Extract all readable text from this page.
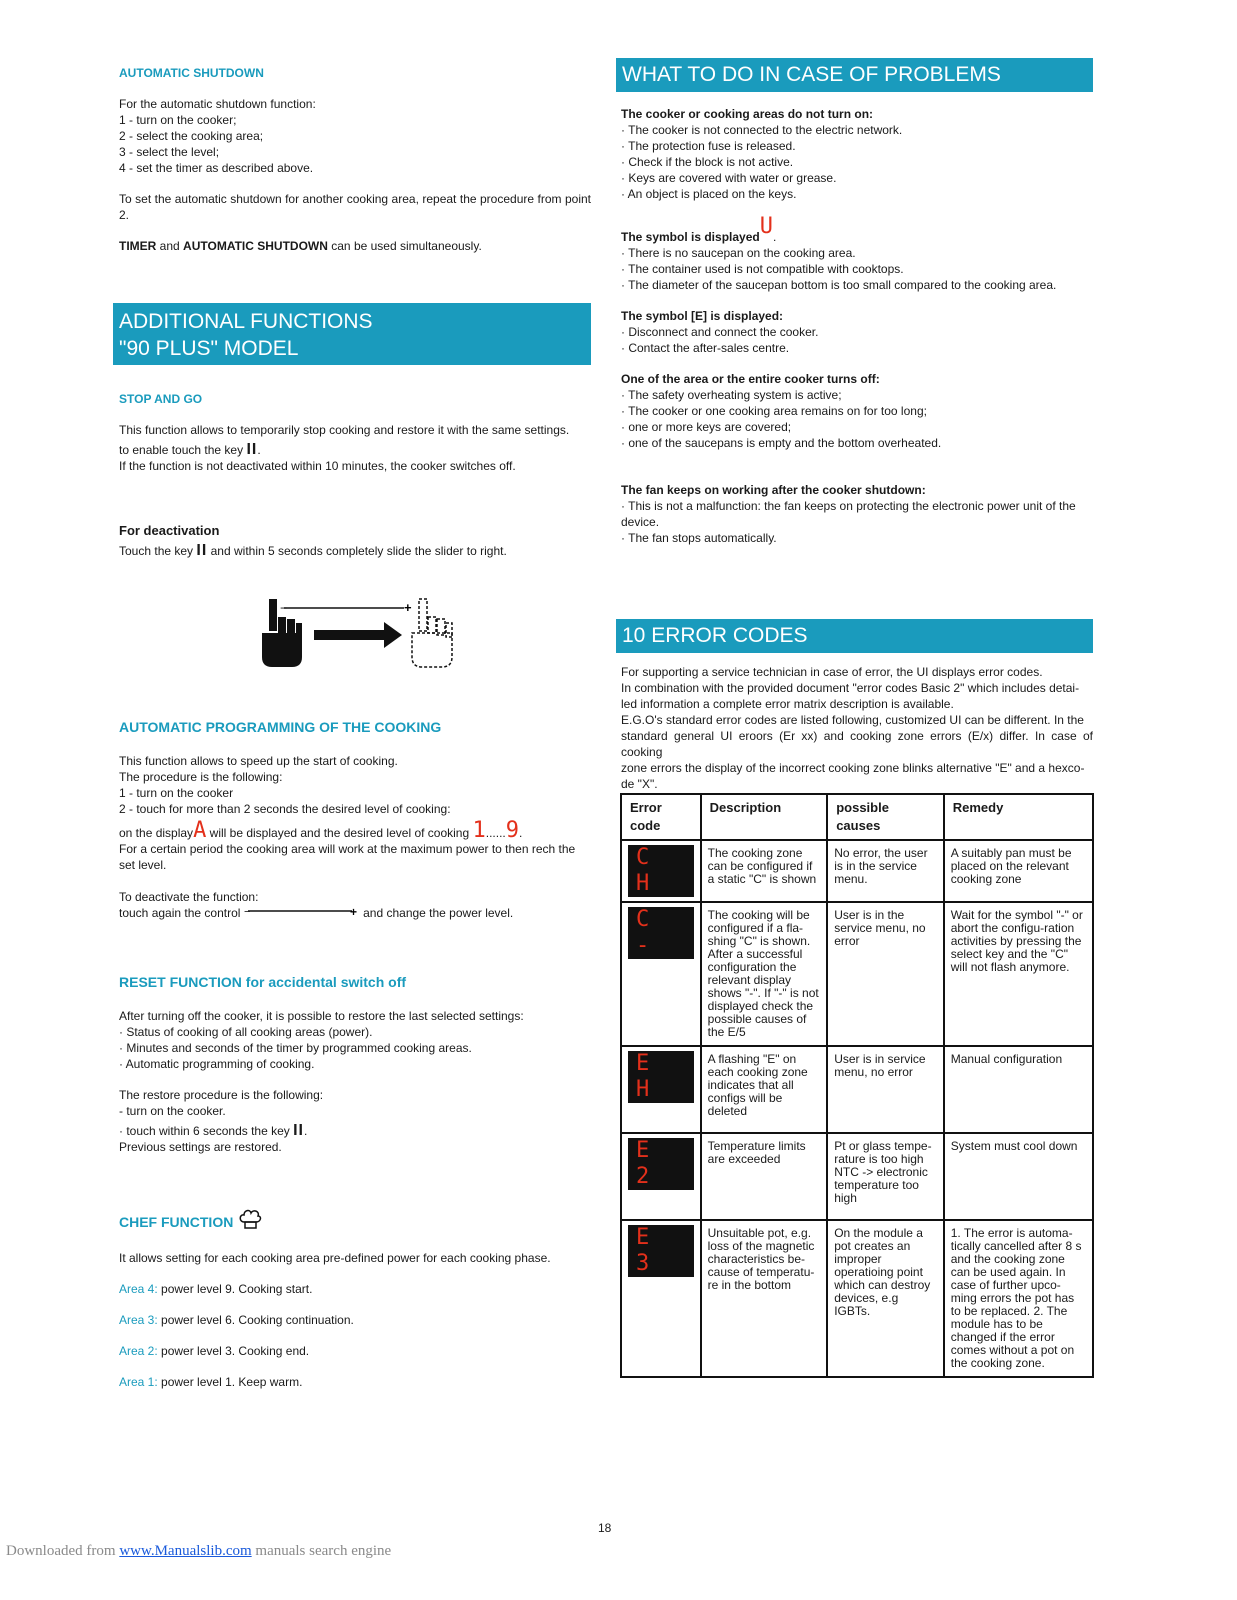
AUTOMATIC SHUTDOWN
For the automatic shutdown function:
1 - turn on the cooker;
2 - select the cooking area;
3 - select the level;
4 - set the timer as described above.
To set the automatic shutdown for another cooking area, repeat the procedure from point 2.
TIMER and AUTOMATIC SHUTDOWN can be used simultaneously.
ADDITIONAL FUNCTIONS
"90 PLUS" MODEL
STOP AND GO
This function allows to temporarily stop cooking and restore it with the same settings.
to enable touch the key II.
If the function is not deactivated within 10 minutes, the cooker switches off.
For deactivation
Touch the key II and within 5 seconds completely slide the slider to right.
−	+
AUTOMATIC PROGRAMMING OF THE COOKING
This function allows to speed up the start of cooking.
The procedure is the following:
1 - turn on the cooker
2 - touch for more than 2 seconds the desired level of cooking:
on the displayA will be displayed and the desired level of cooking 1......9.
For a certain period the cooking area will work at the maximum power to then rech the set level.
To deactivate the function:
touch again the control −	+ and change the power level.
RESET FUNCTION for accidental switch off
After turning off the cooker, it is possible to restore the last selected settings:
· Status of cooking of all cooking areas (power).
· Minutes and seconds of the timer by programmed cooking areas.
· Automatic programming of cooking.
The restore procedure is the following:
- turn on the cooker.
· touch within 6 seconds the key II.
Previous settings are restored.
CHEF FUNCTION
It allows setting for each cooking area pre-defined power for each cooking phase.
Area 4: power level 9. Cooking start.
Area 3: power level 6. Cooking continuation.
Area 2: power level 3. Cooking end.
Area 1: power level 1. Keep warm.
WHAT TO DO IN CASE OF PROBLEMS
The cooker or cooking areas do not turn on:
· The cooker is not connected to the electric network.
· The protection fuse is released.
· Check if the block is not active.
· Keys are covered with water or grease.
· An object is placed on the keys.
The symbol is displayedU.
· There is no saucepan on the cooking area.
· The container used is not compatible with cooktops.
· The diameter of the saucepan bottom is too small compared to the cooking area.
The symbol [E] is displayed:
· Disconnect and connect the cooker.
· Contact the after-sales centre.
One of the area or the entire cooker turns off:
· The safety overheating system is active;
· The cooker or one cooking area remains on for too long;
· one or more keys are covered;
· one of the saucepans is empty and the bottom overheated.
The fan keeps on working after the cooker shutdown:
· This is not a malfunction: the fan keeps on protecting the electronic power unit of the device.
· The fan stops automatically.
10 ERROR CODES
For supporting a service technician in case of error, the UI displays error codes.
In combination with the provided document "error codes Basic 2" which includes detai-
led information a complete error matrix description is available.
E.G.O's standard error codes are listed following, customized UI can be different. In the
standard general UI eroors (Er xx) and cooking zone errors (E/x) differ. In case of cooking
zone errors the display of the incorrect cooking zone blinks alternative "E" and a hexco-
de "X".
Error code	Description	possible causes	Remedy
C H	The cooking zone can be configured if a static "C" is shown	No error, the user is in the service menu.	A suitably pan must be placed on the relevant cooking zone
C -	The cooking will be configured if a fla-shing "C" is shown. After a successful configuration the relevant display shows "-". If "-" is not displayed check the possible causes of the E/5	User is in the service menu, no error	Wait for the symbol "-" or abort the configu-ration activities by pressing the select key and the "C" will not flash anymore.
E H	A flashing "E" on each cooking zone indicates that all configs will be deleted	User is in service menu, no error	Manual configuration
E 2	Temperature limits are exceeded	Pt or glass tempe-rature is too high NTC -> electronic temperature too high	System must cool down
E 3	Unsuitable pot, e.g. loss of the magnetic characteristics be-cause of temperatu-re in the bottom	On the module a pot creates an improper operatioing point which can destroy devices, e.g IGBTs.	1. The error is automa-tically cancelled after 8 s and the cooking zone can be used again. In case of further upco-ming errors the pot has to be replaced. 2. The module has to be changed if the error comes without a pot on the cooking zone.
18
Downloaded from www.Manualslib.com manuals search engine
